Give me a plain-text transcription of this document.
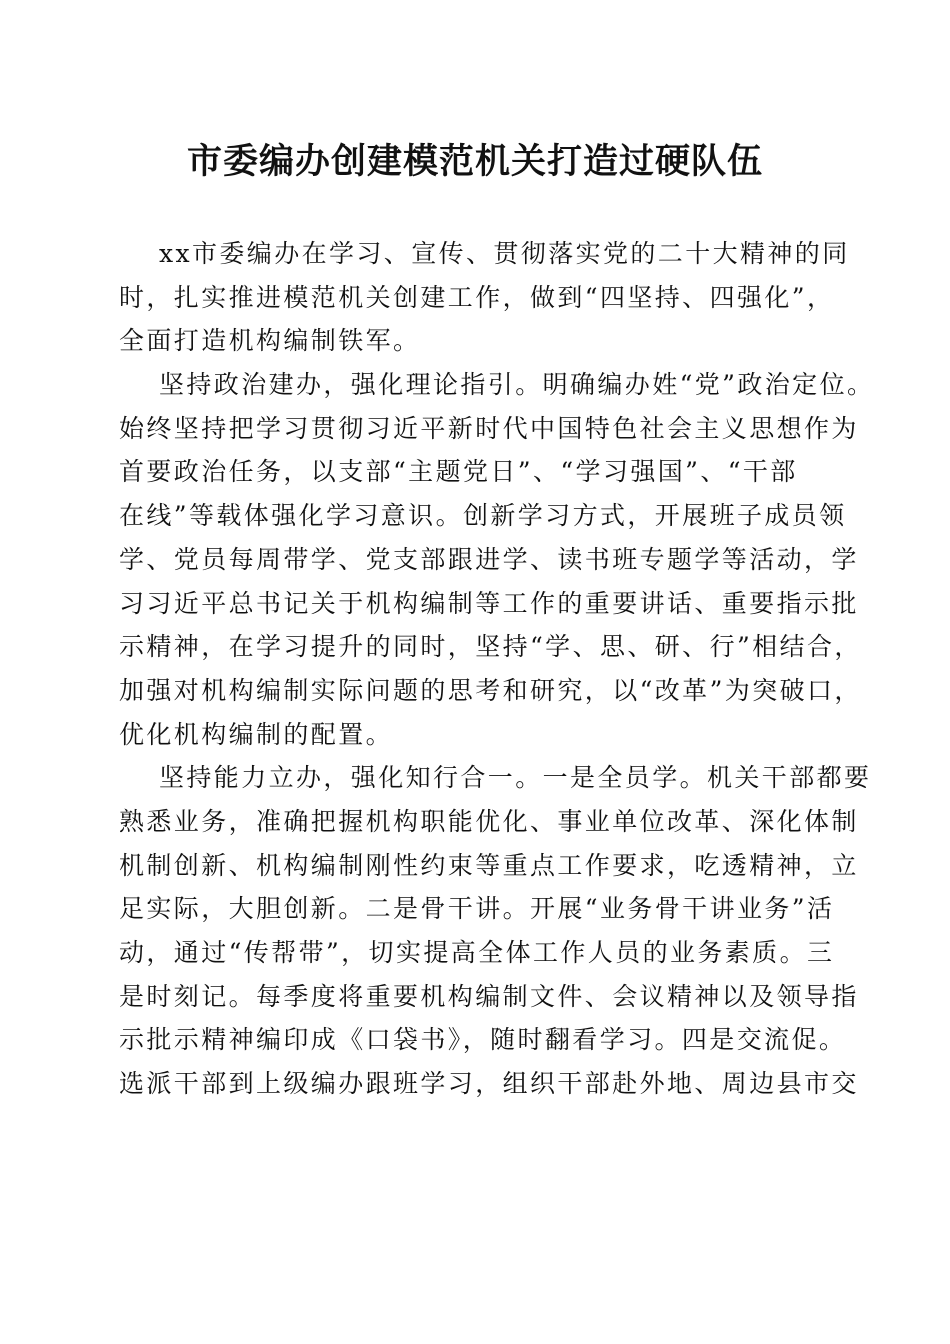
市委编办创建模范机关打造过硬队伍
xx市委编办在学习、宣传、贯彻落实党的二十大精神的同
时，扎实推进模范机关创建工作，做到“四坚持、四强化”，
全面打造机构编制铁军。
坚持政治建办，强化理论指引。明确编办姓“党”政治定位。
始终坚持把学习贯彻习近平新时代中国特色社会主义思想作为
首要政治任务，以支部“主题党日”、“学习强国”、“干部
在线”等载体强化学习意识。创新学习方式，开展班子成员领
学、党员每周带学、党支部跟进学、读书班专题学等活动，学
习习近平总书记关于机构编制等工作的重要讲话、重要指示批
示精神，在学习提升的同时，坚持“学、思、研、行”相结合，
加强对机构编制实际问题的思考和研究，以“改革”为突破口，
优化机构编制的配置。
坚持能力立办，强化知行合一。一是全员学。机关干部都要
熟悉业务，准确把握机构职能优化、事业单位改革、深化体制
机制创新、机构编制刚性约束等重点工作要求，吃透精神，立
足实际，大胆创新。二是骨干讲。开展“业务骨干讲业务”活
动，通过“传帮带”，切实提高全体工作人员的业务素质。三
是时刻记。每季度将重要机构编制文件、会议精神以及领导指
示批示精神编印成《口袋书》，随时翻看学习。四是交流促。
选派干部到上级编办跟班学习，组织干部赴外地、周边县市交
